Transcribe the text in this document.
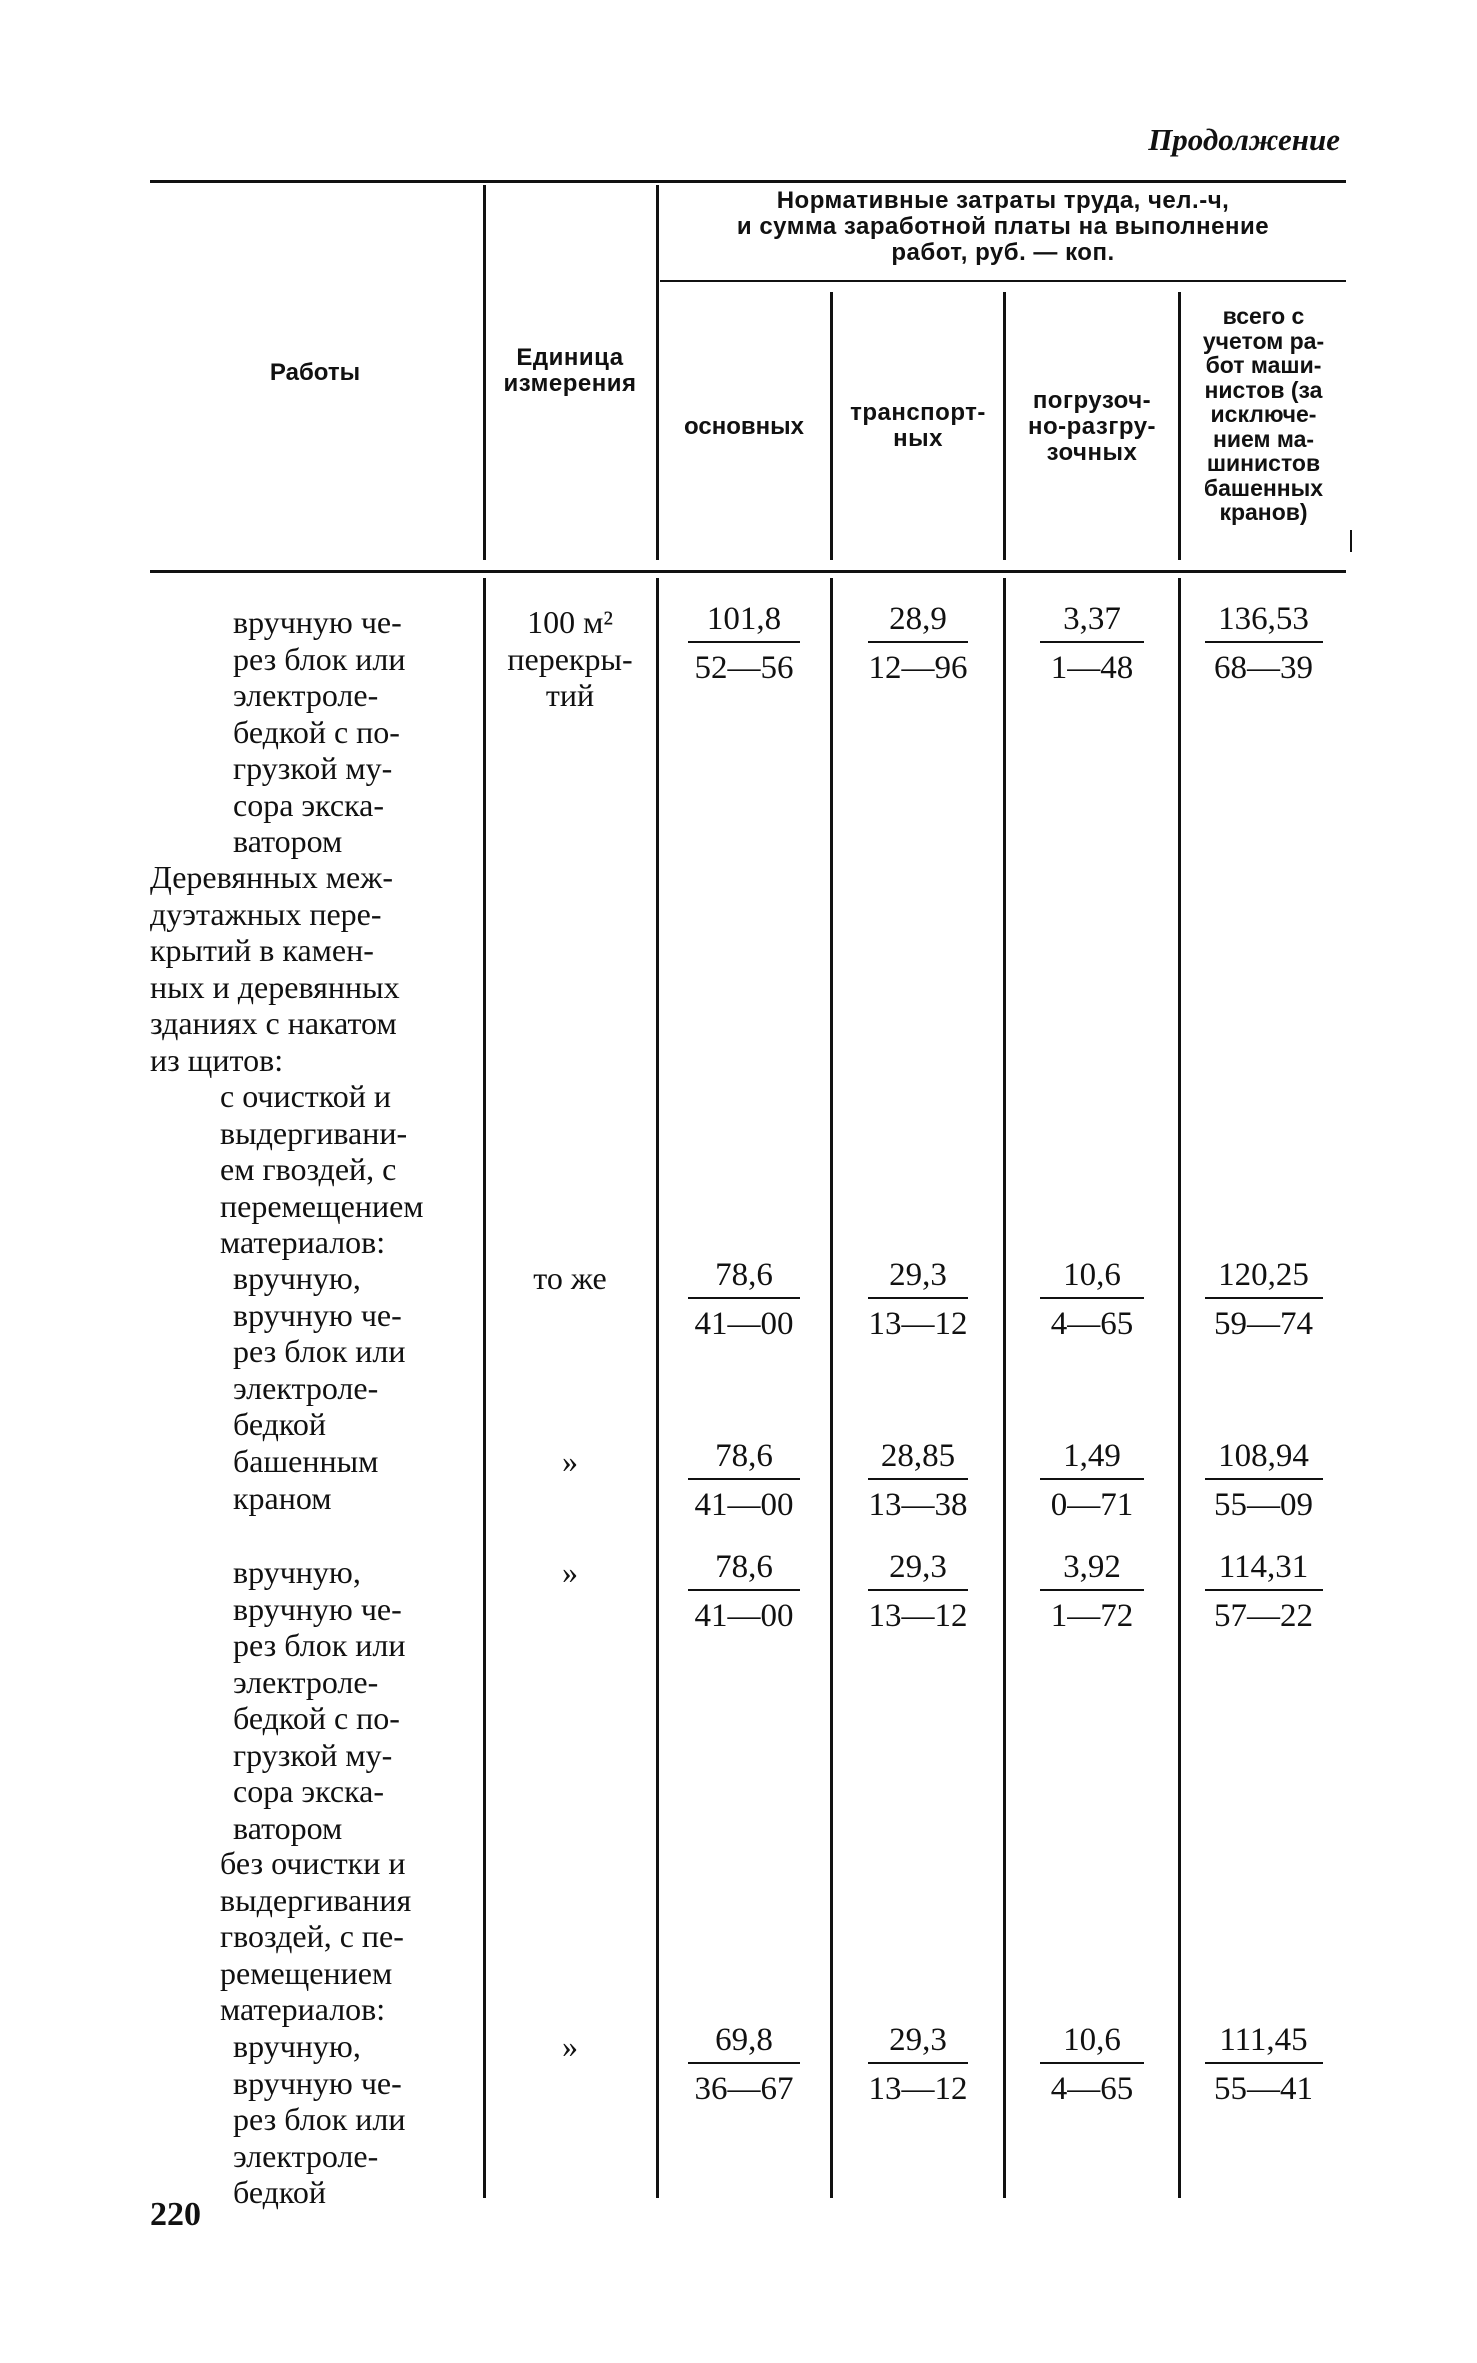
Продолжение
Работы
Единица
измерения
Нормативные затраты труда, чел.-ч,
и сумма заработной платы на выполнение
работ, руб. — коп.
основных
транспорт-
ных
погрузоч-
но-разгру-
зочных
всего с
учетом ра-
бот маши-
нистов (за
исключе-
нием ма-
шинистов
башенных
кранов)
вручную че-
рез блок или
электроле-
бедкой с по-
грузкой му-
сора экска-
ватором
Деревянных меж-
дуэтажных пере-
крытий в камен-
ных и деревянных
зданиях с накатом
из щитов:
с очисткой и
выдергивани-
ем гвоздей, с
перемещением
материалов:
вручную,
вручную че-
рез блок или
электроле-
бедкой
башенным
краном
вручную,
вручную че-
рез блок или
электроле-
бедкой с по-
грузкой му-
сора экска-
ватором
без очистки и
выдергивания
гвоздей, с пе-
ремещением
материалов:
вручную,
вручную че-
рез блок или
электроле-
бедкой
100 м²
перекры-
тий
то же
»
»
»
101,8
52—56
28,9
12—96
3,37
1—48
136,53
68—39
78,6
41—00
29,3
13—12
10,6
4—65
120,25
59—74
78,6
41—00
28,85
13—38
1,49
0—71
108,94
55—09
78,6
41—00
29,3
13—12
3,92
1—72
114,31
57—22
69,8
36—67
29,3
13—12
10,6
4—65
111,45
55—41
220
